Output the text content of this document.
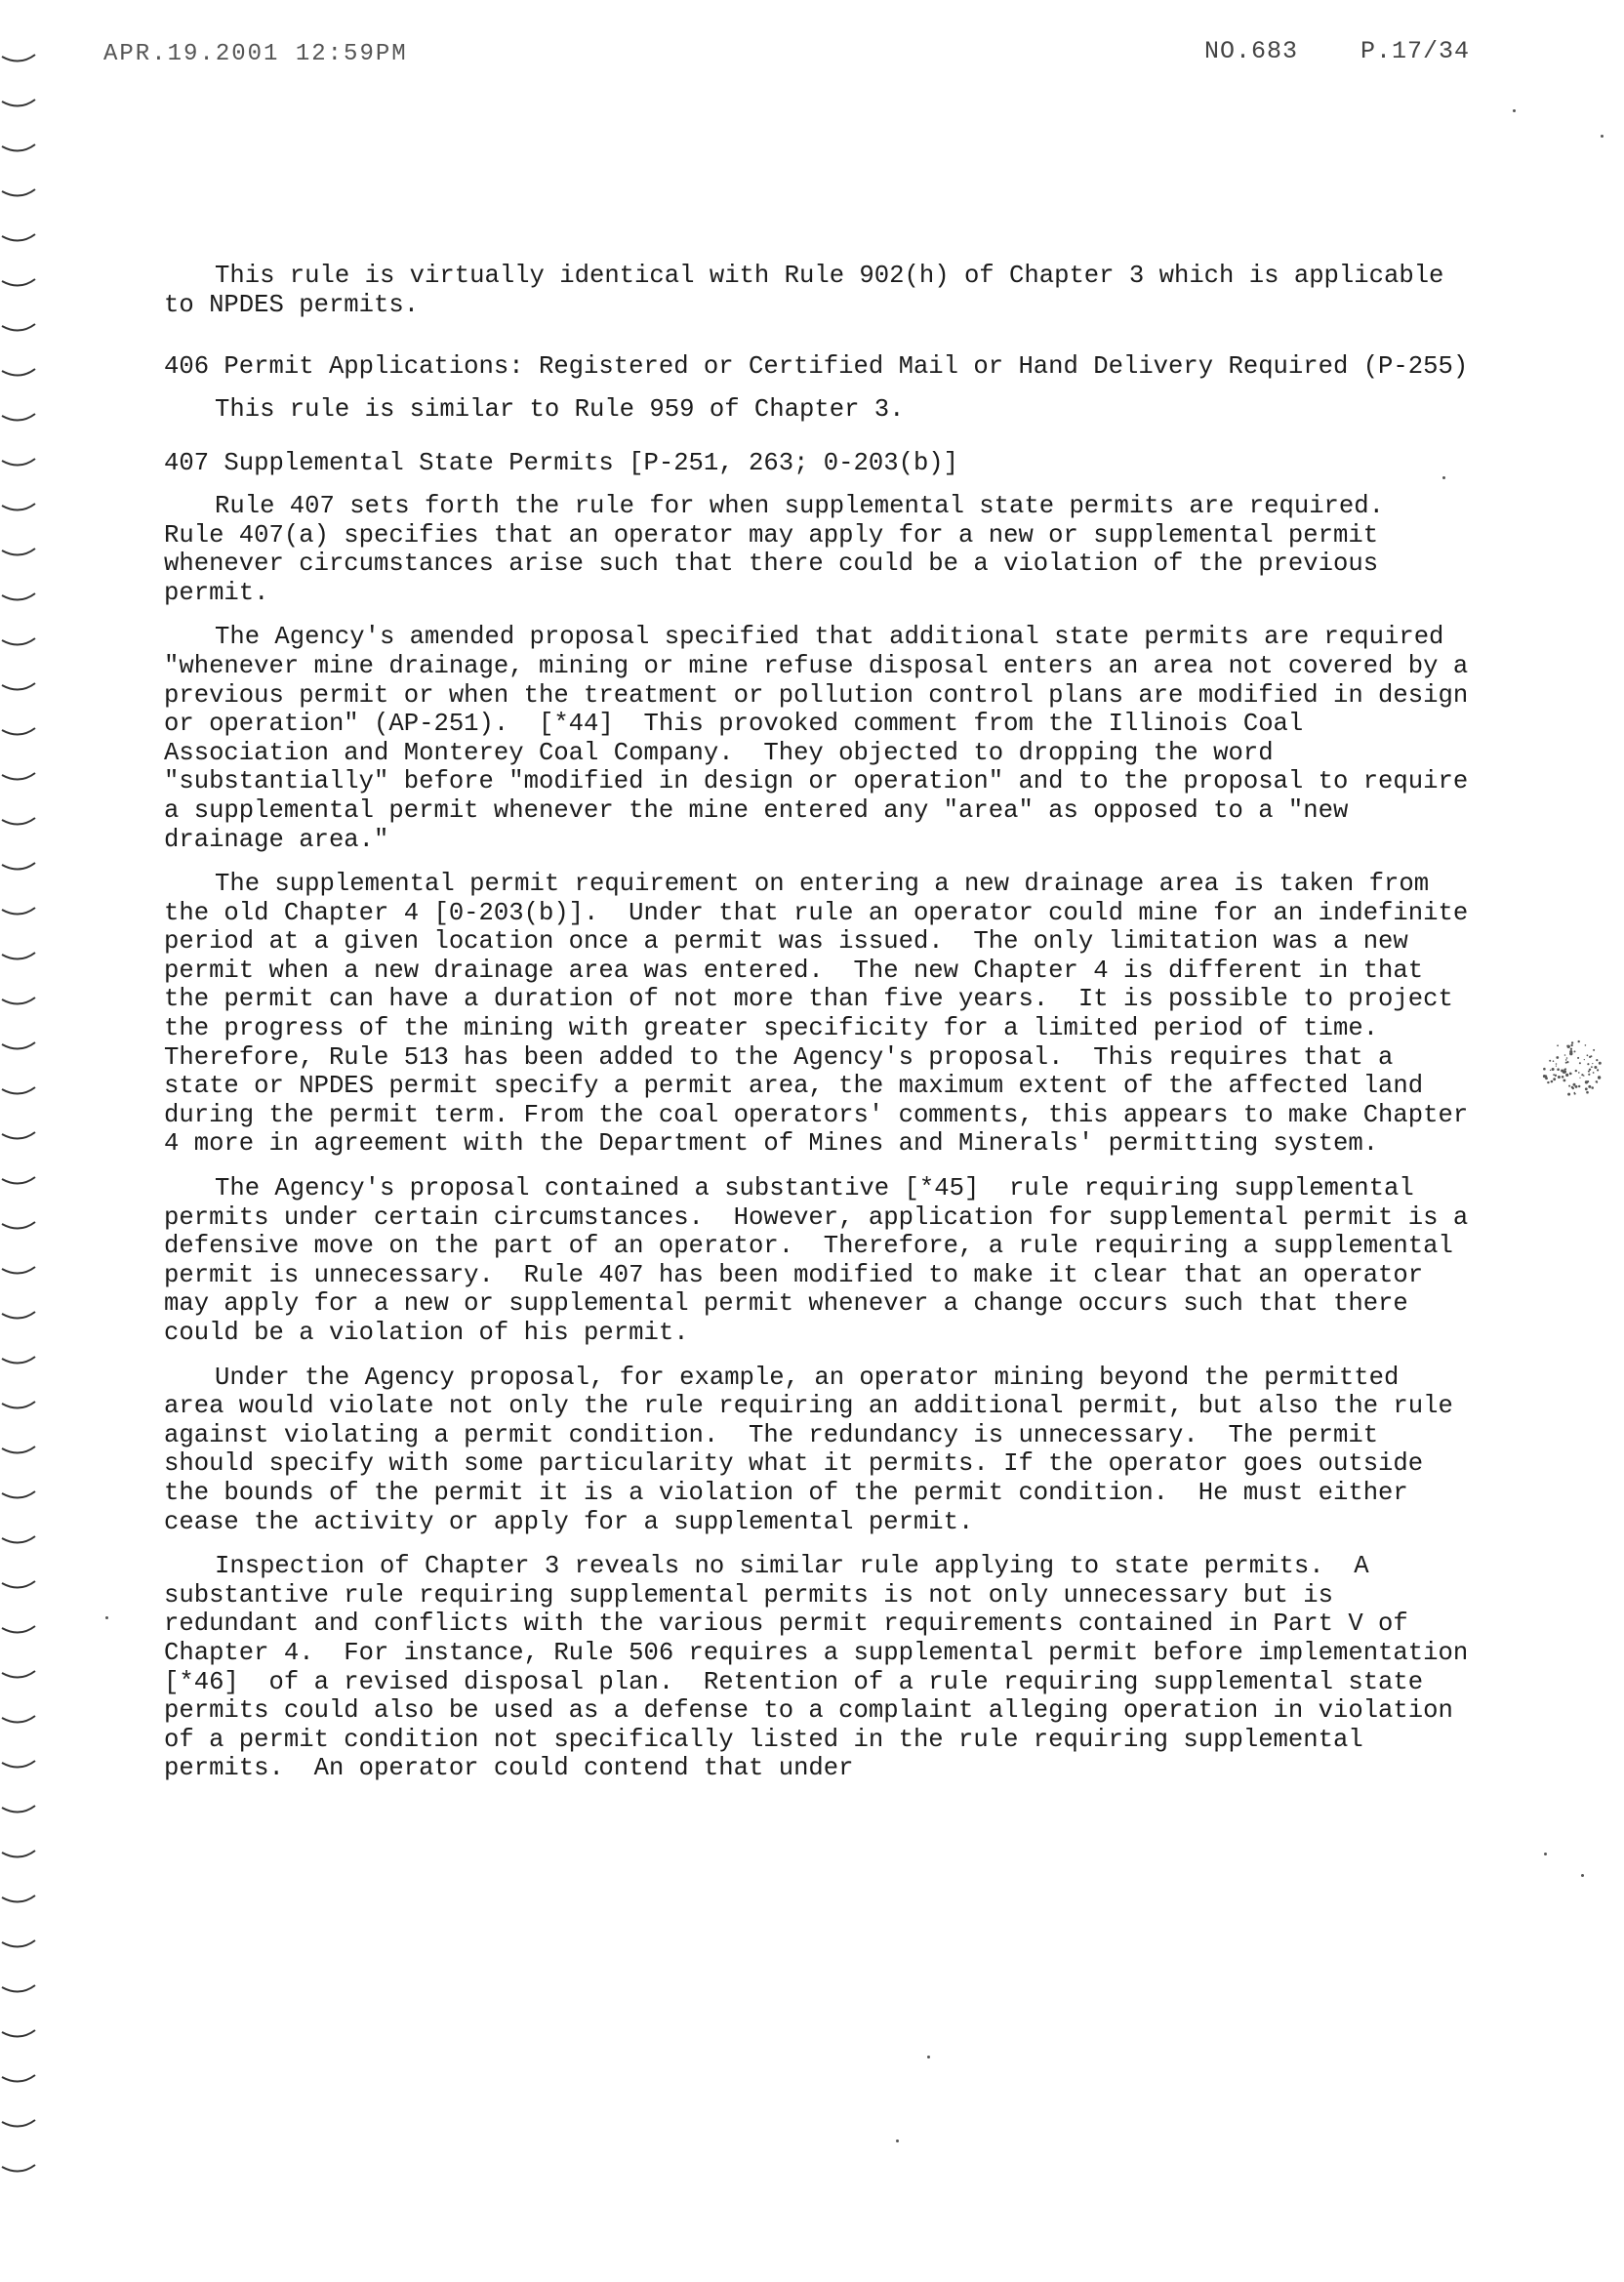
APR.19.2001 12:59PM	NO.683	P.17/34

This rule is virtually identical with Rule 902(h) of Chapter 3 which is applicable to NPDES permits.

406 Permit Applications: Registered or Certified Mail or Hand Delivery Required (P-255)

This rule is similar to Rule 959 of Chapter 3.

407 Supplemental State Permits [P-251, 263; 0-203(b)]

Rule 407 sets forth the rule for when supplemental state permits are required.  Rule 407(a) specifies that an operator may apply for a new or supplemental permit whenever circumstances arise such that there could be a violation of the previous permit.

The Agency's amended proposal specified that additional state permits are required "whenever mine drainage, mining or mine refuse disposal enters an area not covered by a previous permit or when the treatment or pollution control plans are modified in design or operation" (AP-251).  [*44]  This provoked comment from the Illinois Coal Association and Monterey Coal Company.  They objected to dropping the word "substantially" before "modified in design or operation" and to the proposal to require a supplemental permit whenever the mine entered any "area" as opposed to a "new drainage area."

The supplemental permit requirement on entering a new drainage area is taken from the old Chapter 4 [0-203(b)].  Under that rule an operator could mine for an indefinite period at a given location once a permit was issued.  The only limitation was a new permit when a new drainage area was entered.  The new Chapter 4 is different in that the permit can have a duration of not more than five years.  It is possible to project the progress of the mining with greater specificity for a limited period of time.  Therefore, Rule 513 has been added to the Agency's proposal.  This requires that a state or NPDES permit specify a permit area, the maximum extent of the affected land during the permit term. From the coal operators' comments, this appears to make Chapter 4 more in agreement with the Department of Mines and Minerals' permitting system.

The Agency's proposal contained a substantive [*45]  rule requiring supplemental permits under certain circumstances.  However, application for supplemental permit is a defensive move on the part of an operator.  Therefore, a rule requiring a supplemental permit is unnecessary.  Rule 407 has been modified to make it clear that an operator may apply for a new or supplemental permit whenever a change occurs such that there could be a violation of his permit.

Under the Agency proposal, for example, an operator mining beyond the permitted area would violate not only the rule requiring an additional permit, but also the rule against violating a permit condition.  The redundancy is unnecessary.  The permit should specify with some particularity what it permits. If the operator goes outside the bounds of the permit it is a violation of the permit condition.  He must either cease the activity or apply for a supplemental permit.

Inspection of Chapter 3 reveals no similar rule applying to state permits.  A substantive rule requiring supplemental permits is not only unnecessary but is redundant and conflicts with the various permit requirements contained in Part V of Chapter 4.  For instance, Rule 506 requires a supplemental permit before implementation [*46]  of a revised disposal plan.  Retention of a rule requiring supplemental state permits could also be used as a defense to a complaint alleging operation in violation of a permit condition not specifically listed in the rule requiring supplemental permits.  An operator could contend that under
